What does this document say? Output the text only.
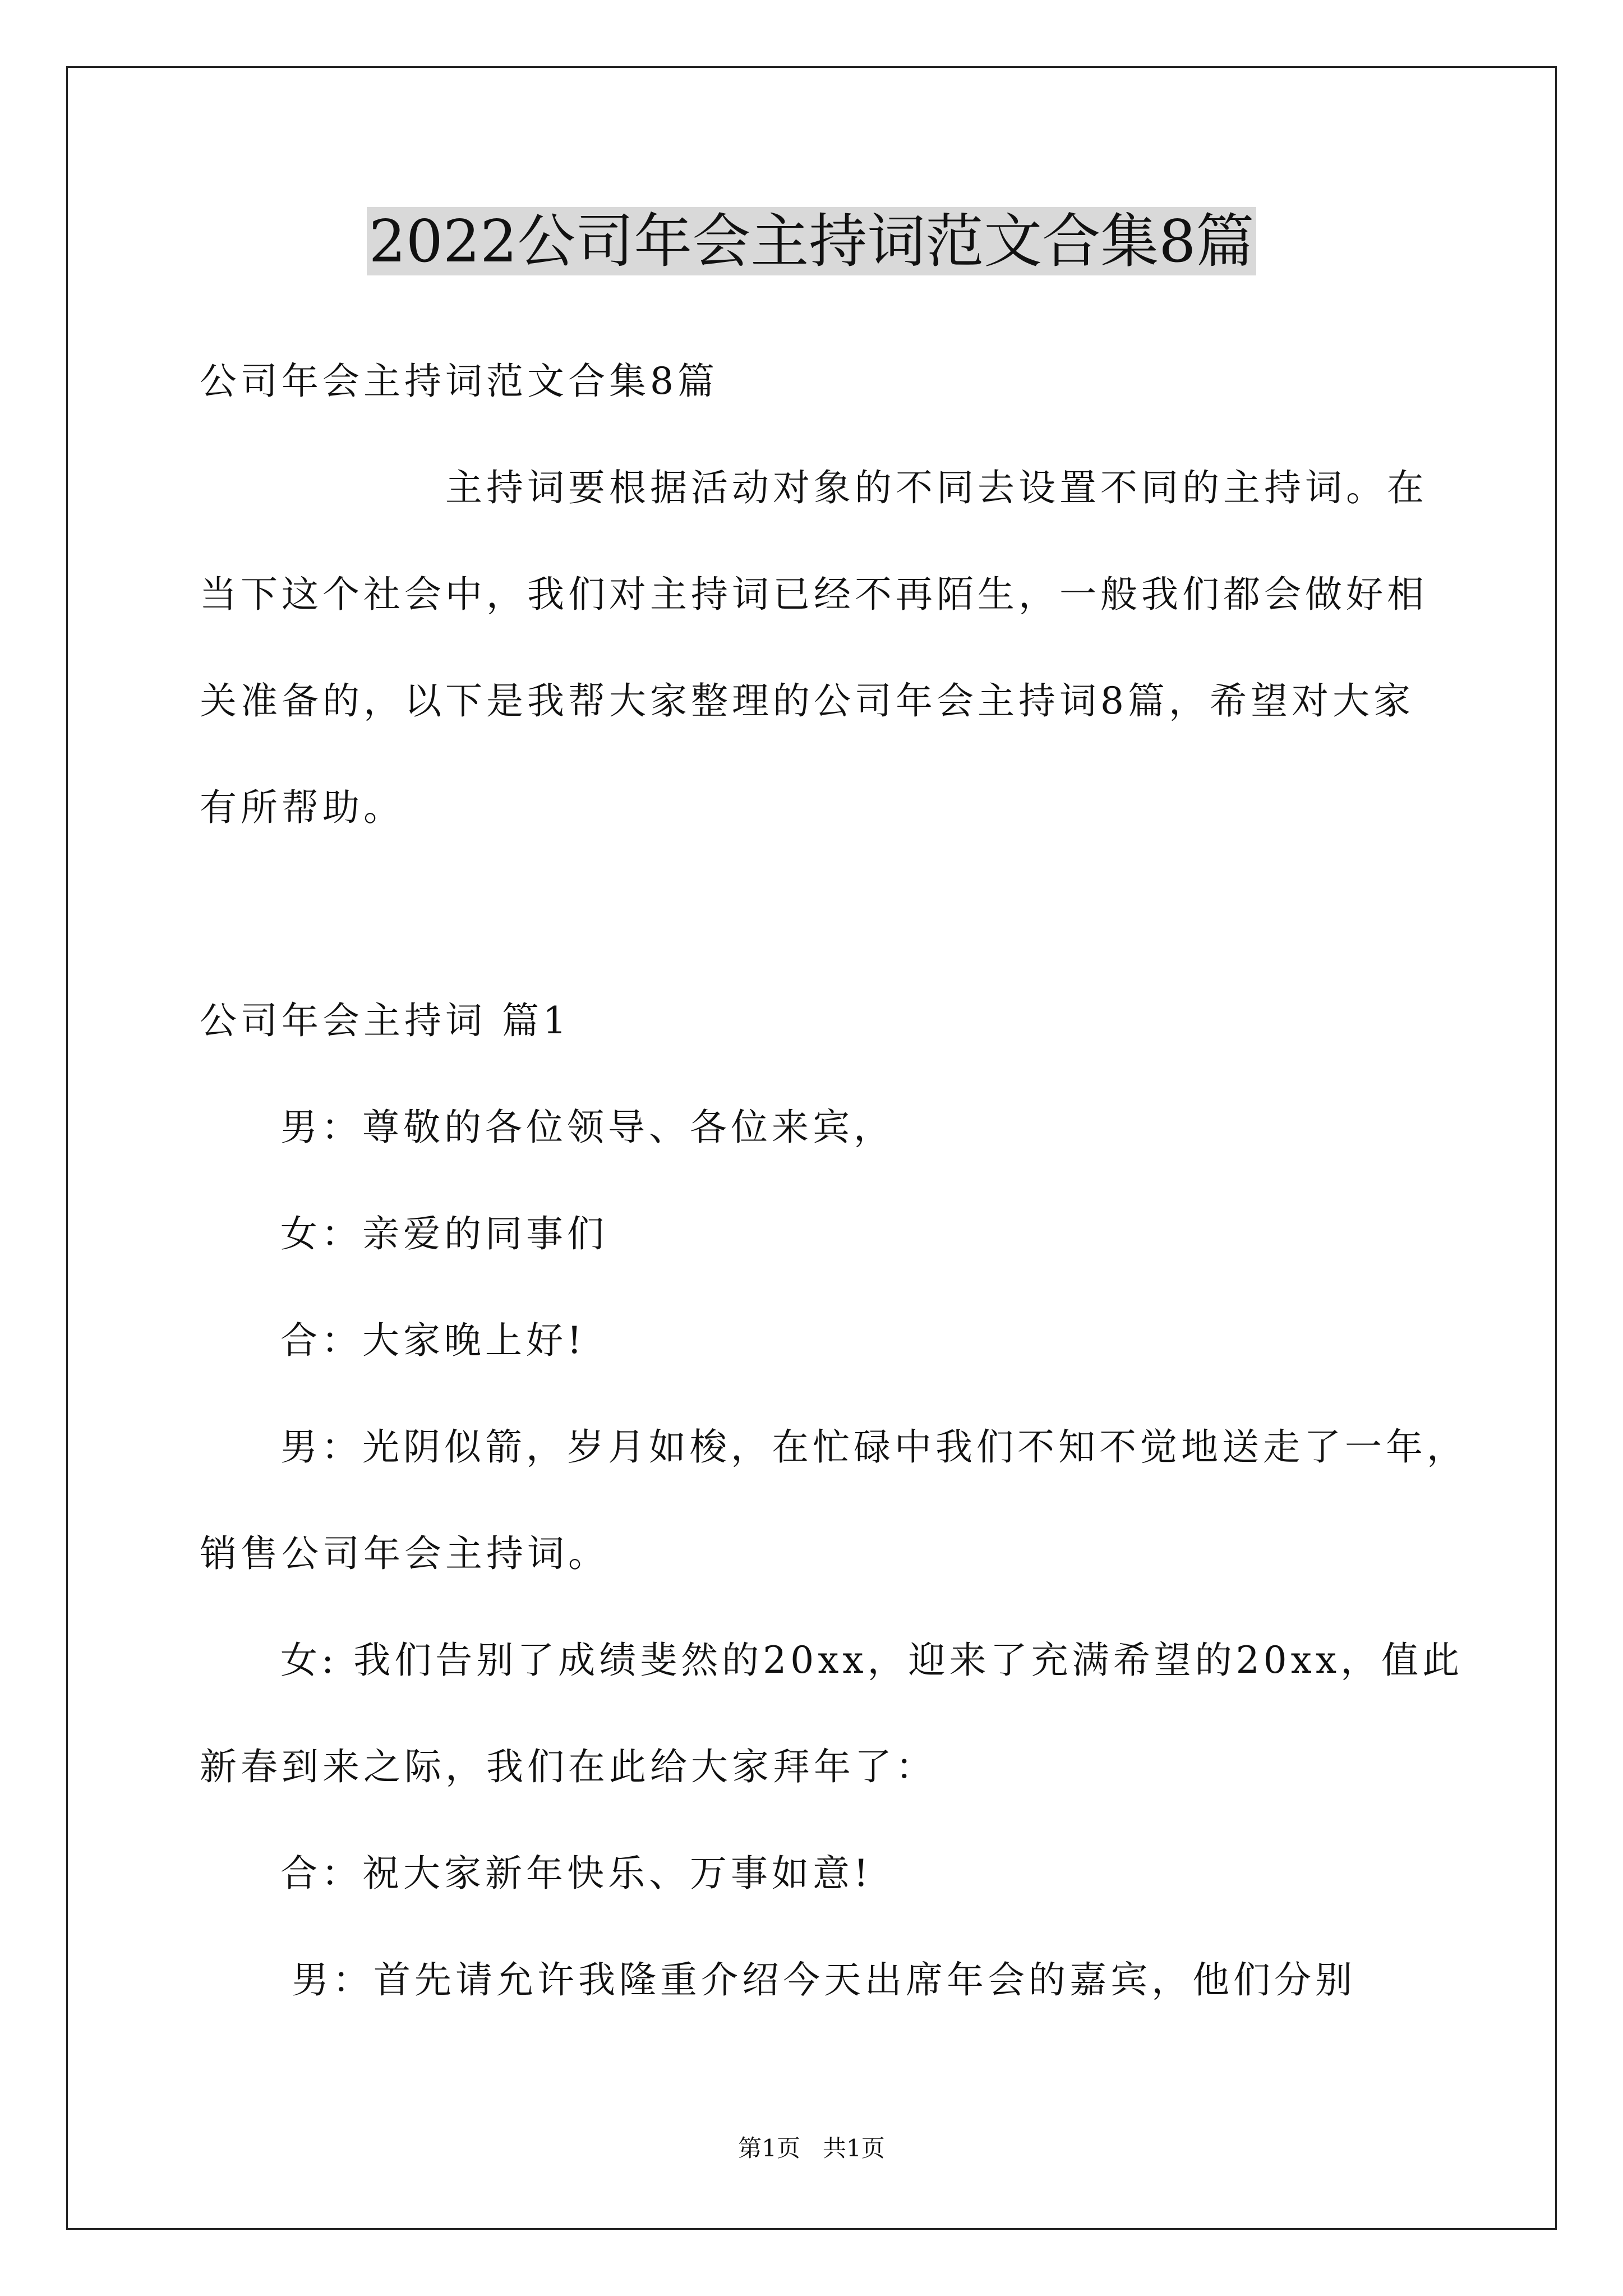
2022公司年会主持词范文合集8篇
公司年会主持词范文合集8篇
主持词要根据活动对象的不同去设置不同的主持词。在
当下这个社会中，我们对主持词已经不再陌生，一般我们都会做好相
关准备的，以下是我帮大家整理的公司年会主持词8篇，希望对大家
有所帮助。
公司年会主持词 篇1
男：尊敬的各位领导、各位来宾，
女：亲爱的同事们
合：大家晚上好!
男：光阴似箭，岁月如梭，在忙碌中我们不知不觉地送走了一年，
销售公司年会主持词。
女: 我们告别了成绩斐然的20xx，迎来了充满希望的20xx，值此
新春到来之际，我们在此给大家拜年了：
合：祝大家新年快乐、万事如意!
男：首先请允许我隆重介绍今天出席年会的嘉宾，他们分别
第1页   共1页
